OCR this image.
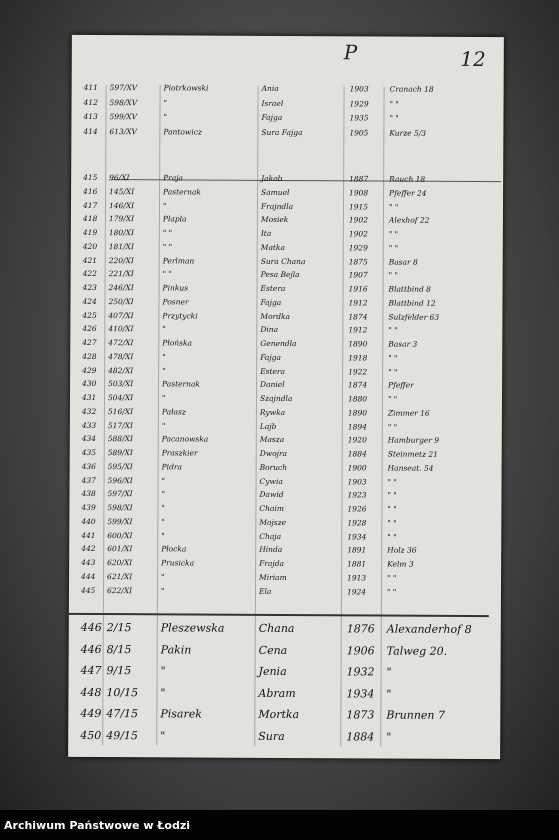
P	12
411 597/XV	Piotrkowski	Ania	1903	Cranach 18
412 598/XV	"	Israel	1929	" "
413 599/XV	"	Fajga	1935	" "
414 613/XV	Pantowicz	Sura Fajga	1905	Kurze 5/3
415 96/XI	Praja	Jakob	1887	Rauch 18
416 145/XI	Pasternak	Samuel	1908	Pfeffer 24
417 146/XI	"	Frajndla	1915	" "
418 179/XI	Plapla	Mosiek	1902	Alexhof 22
419 180/XI	" "	Ita	1902	" "
420 181/XI	" "	Matka	1929	" "
421 220/XI	Perlman	Sura Chana	1875	Basar 8
422 221/XI	" "	Pesa Bejla	1907	" "
423 246/XI	Pinkus	Estera	1916	Blattbind 8
424 250/XI	Posner	Fajga	1912	Blattbind 12
425 407/XI	Przytycki	Mordka	1874	Sulzfelder 63
426 410/XI	"	Dina	1912	" "
427 472/XI	Płońska	Genendla	1890	Basar 3
428 478/XI	"	Fajga	1918	" "
429 482/XI	"	Estera	1922	" "
430 503/XI	Pasternak	Daniel	1874	Pfeffer
431 504/XI	"	Szajndla	1880	" "
432 516/XI	Pałasz	Rywka	1890	Zimmer 16
433 517/XI	"	Lajb	1894	" "
434 588/XI	Pacanowska	Masza	1920	Hamburger 9
435 589/XI	Praszkier	Dwojra	1884	Steinmetz 21
436 595/XI	Pidra	Boruch	1900	Hanseat. 54
437 596/XI	"	Cywia	1903	" "
438 597/XI	"	Dawid	1923	" "
439 598/XI	"	Chaim	1926	" "
440 599/XI	"	Mojsze	1928	" "
441 600/XI	"	Chaja	1934	" "
442 601/XI	Płocka	Hinda	1891	Holz 36
443 620/XI	Prusicka	Frajda	1881	Kelm 3
444 621/XI	"	Miriam	1913	" "
445 622/XI	"	Ela	1924	" "
446 2/15	Pleszewska	Chana	1876 Alexanderhof 8
446 8/15	Pakin	Cena	1906 Talweg 20.
447 9/15	"	Jenia	1932 "
448 10/15 "	Abram	1934 "
449 47/15 Pisarek	Mortka	1873 Brunnen 7
450 49/15 "	Sura	1884 "
Archiwum Państwowe w Łodzi
